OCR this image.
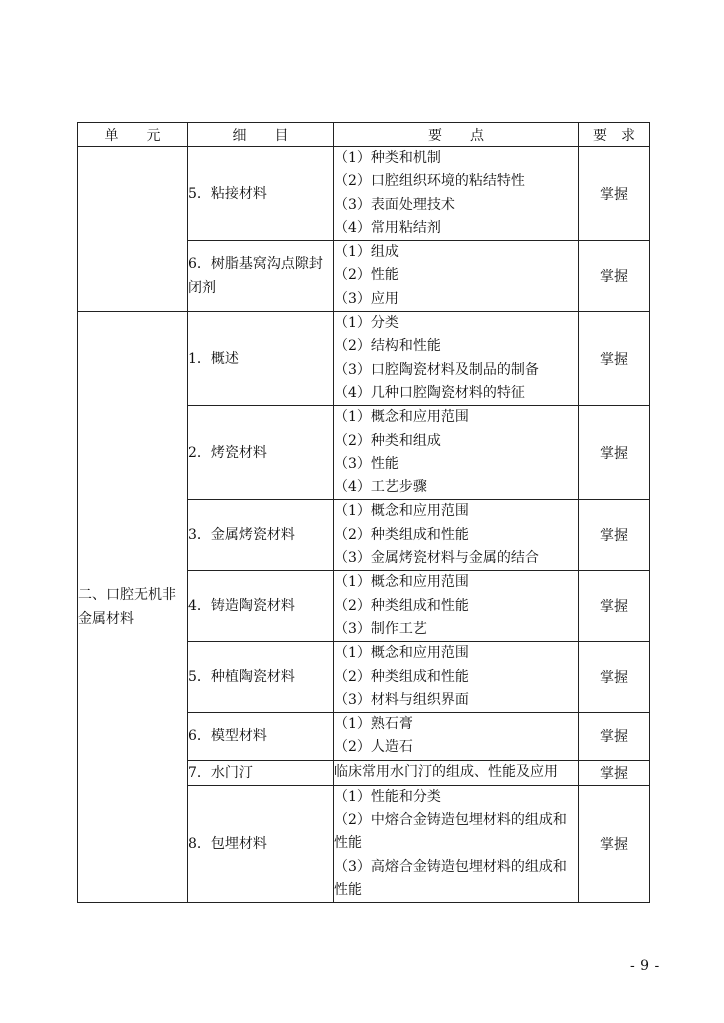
单　　元	细　　目	要　　点	要　求
	5．粘接材料	（1）种类和机制
（2）口腔组织环境的粘结特性
（3）表面处理技术
（4）常用粘结剂	掌握
	6．树脂基窝沟点隙封闭剂	（1）组成
（2）性能
（3）应用	掌握
二、口腔无机非金属材料	1．概述	（1）分类
（2）结构和性能
（3）口腔陶瓷材料及制品的制备
（4）几种口腔陶瓷材料的特征	掌握
	2．烤瓷材料	（1）概念和应用范围
（2）种类和组成
（3）性能
（4）工艺步骤	掌握
	3．金属烤瓷材料	（1）概念和应用范围
（2）种类组成和性能
（3）金属烤瓷材料与金属的结合	掌握
	4．铸造陶瓷材料	（1）概念和应用范围
（2）种类组成和性能
（3）制作工艺	掌握
	5．种植陶瓷材料	（1）概念和应用范围
（2）种类组成和性能
（3）材料与组织界面	掌握
	6．模型材料	（1）熟石膏
（2）人造石	掌握
	7．水门汀	临床常用水门汀的组成、性能及应用	掌握
	8．包埋材料	（1）性能和分类
（2）中熔合金铸造包埋材料的组成和性能
（3）高熔合金铸造包埋材料的组成和性能	掌握
- 9 -
